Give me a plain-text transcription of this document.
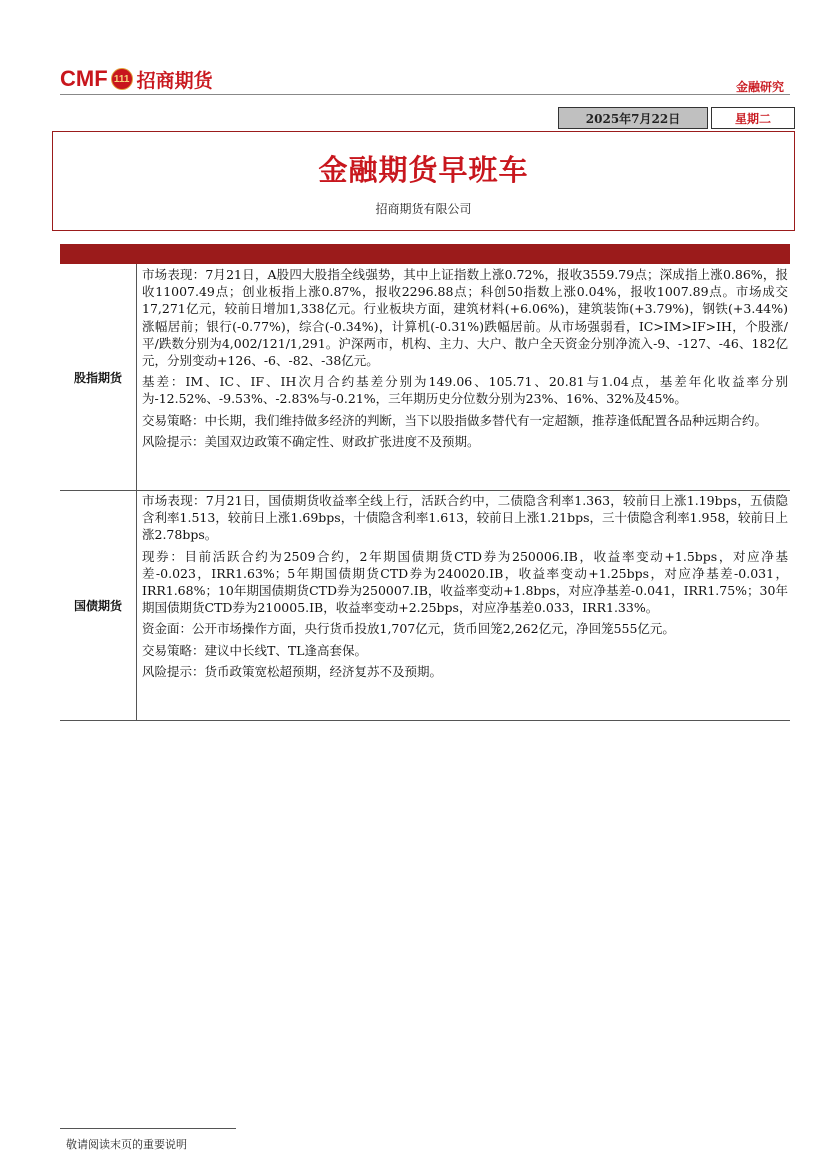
CMF 111 招商期货	金融研究
2025年7月22日	星期二
金融期货早班车
招商期货有限公司
股指期货

市场表现：7月21日，A股四大股指全线强势，其中上证指数上涨0.72%，报收3559.79点；深成指上涨0.86%，报收11007.49点；创业板指上涨0.87%，报收2296.88点；科创50指数上涨0.04%，报收1007.89点。市场成交17,271亿元，较前日增加1,338亿元。行业板块方面，建筑材料(+6.06%)，建筑装饰(+3.79%)，钢铁(+3.44%)涨幅居前；银行(-0.77%)，综合(-0.34%)，计算机(-0.31%)跌幅居前。从市场强弱看，IC>IM>IF>IH，个股涨/平/跌数分别为4,002/121/1,291。沪深两市，机构、主力、大户、散户全天资金分别净流入-9、-127、-46、182亿元，分别变动+126、-6、-82、-38亿元。

基差：IM、IC、IF、IH次月合约基差分别为149.06、105.71、20.81与1.04点，基差年化收益率分别为-12.52%、-9.53%、-2.83%与-0.21%，三年期历史分位数分别为23%、16%、32%及45%。

交易策略：中长期，我们维持做多经济的判断，当下以股指做多替代有一定超额，推荐逢低配置各品种远期合约。

风险提示：美国双边政策不确定性、财政扩张进度不及预期。

国债期货

市场表现：7月21日，国债期货收益率全线上行，活跃合约中，二债隐含利率1.363，较前日上涨1.19bps，五债隐含利率1.513，较前日上涨1.69bps，十债隐含利率1.613，较前日上涨1.21bps，三十债隐含利率1.958，较前日上涨2.78bps。

现券：目前活跃合约为2509合约，2年期国债期货CTD券为250006.IB，收益率变动+1.5bps，对应净基差-0.023，IRR1.63%；5年期国债期货CTD券为240020.IB，收益率变动+1.25bps，对应净基差-0.031，IRR1.68%；10年期国债期货CTD券为250007.IB，收益率变动+1.8bps，对应净基差-0.041，IRR1.75%；30年期国债期货CTD券为210005.IB，收益率变动+2.25bps，对应净基差0.033，IRR1.33%。

资金面：公开市场操作方面，央行货币投放1,707亿元，货币回笼2,262亿元，净回笼555亿元。

交易策略：建议中长线T、TL逢高套保。

风险提示：货币政策宽松超预期，经济复苏不及预期。

敬请阅读末页的重要说明
